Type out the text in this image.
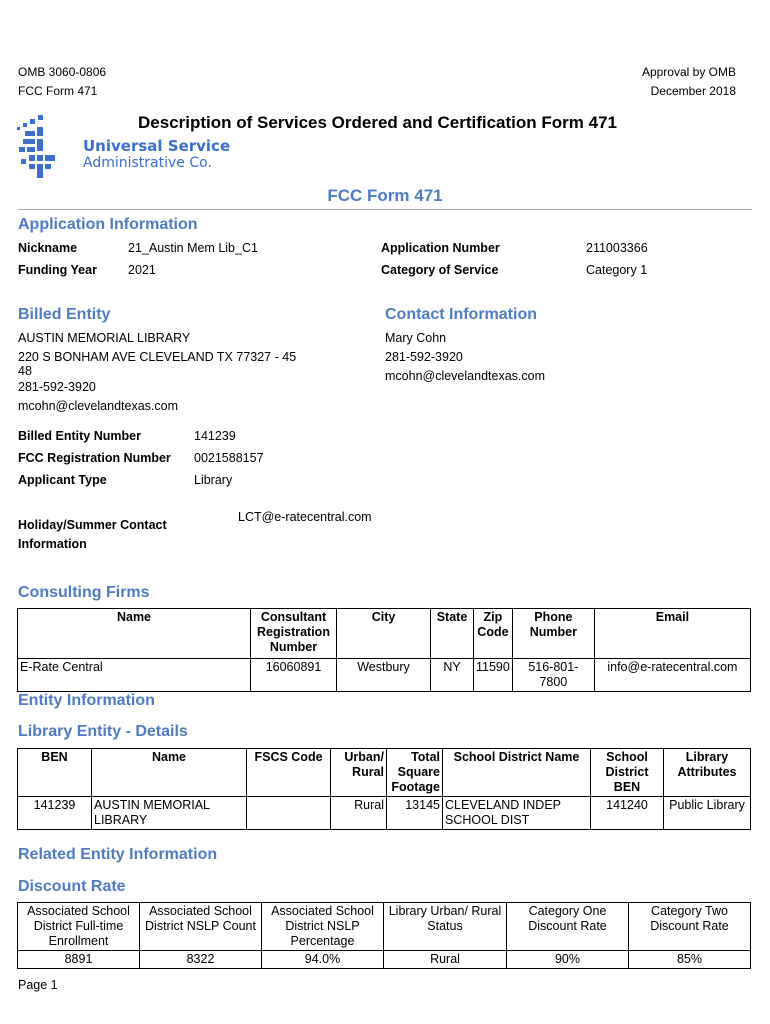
OMB 3060-0806
FCC Form 471
Approval by OMB
December 2018
Universal Service
Administrative Co.
Description of Services Ordered and Certification Form 471
FCC Form 471
Application Information
Nickname	21_Austin Mem Lib_C1
Funding Year 2021
Application Number	211003366
Category of Service	Category 1
Billed Entity
AUSTIN MEMORIAL LIBRARY
220 S BONHAM AVE CLEVELAND TX 77327 - 45
48
281-592-3920
mcohn@clevelandtexas.com
Billed Entity Number	141239
FCC Registration Number 0021588157
Applicant Type	Library
Holiday/Summer Contact
Information
LCT@e-ratecentral.com
Contact Information
Mary Cohn
281-592-3920
mcohn@clevelandtexas.com
Consulting Firms
Name	Consultant Registration Number	City	State	Zip Code	Phone Number	Email
E-Rate Central	16060891	Westbury	NY	11590	516-801-7800	info@e-ratecentral.com
Entity Information
Library Entity - Details
BEN	Name	FSCS Code	Urban/ Rural	Total Square Footage	School District Name	School District BEN	Library Attributes
141239	AUSTIN MEMORIAL LIBRARY		Rural	13145	CLEVELAND INDEP SCHOOL DIST	141240	Public Library
Related Entity Information
Discount Rate
Associated School District Full-time Enrollment	Associated School District NSLP Count	Associated School District NSLP Percentage	Library Urban/ Rural Status	Category One Discount Rate	Category Two Discount Rate
8891	8322	94.0%	Rural	90%	85%
Page 1
